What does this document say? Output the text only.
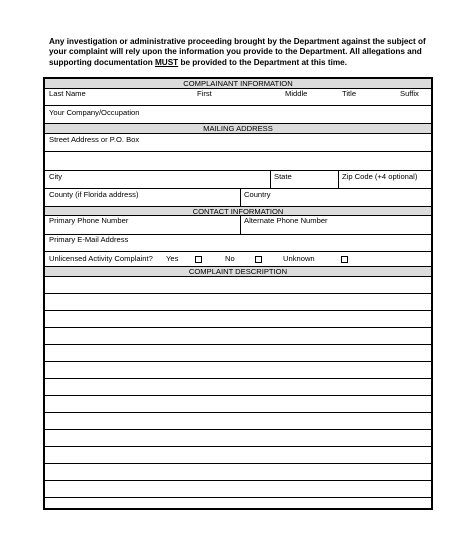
Any investigation or administrative proceeding brought by the Department against the subject of
your complaint will rely upon the information you provide to the Department. All allegations and
supporting documentation MUST be provided to the Department at this time.
COMPLAINANT INFORMATION
Last Name	First	Middle	Title	Suffix
Your Company/Occupation
MAILING ADDRESS
Street Address or P.O. Box
City	State	Zip Code (+4 optional)
County (if Florida address)	Country
CONTACT INFORMATION
Primary Phone Number	Alternate Phone Number
Primary E-Mail Address
Unlicensed Activity Complaint? Yes	No	Unknown
COMPLAINT DESCRIPTION
